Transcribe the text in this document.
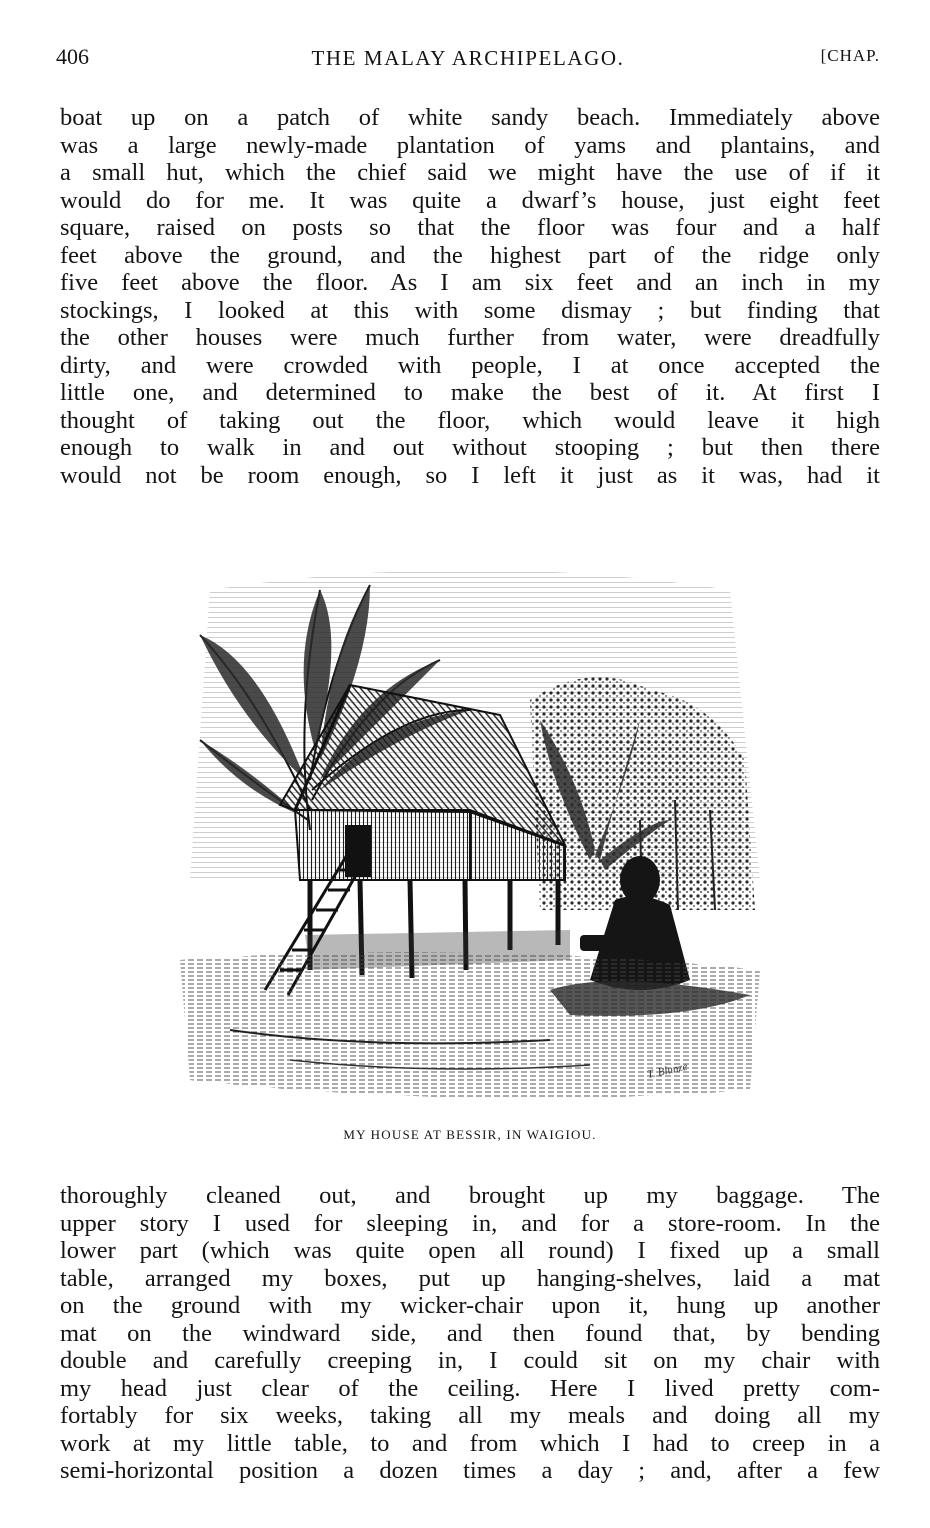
406	THE MALAY ARCHIPELAGO.	[CHAP.
boat up on a patch of white sandy beach. Immediately above
was a large newly-made plantation of yams and plantains, and
a small hut, which the chief said we might have the use of if it
would do for me. It was quite a dwarf’s house, just eight feet
square, raised on posts so that the floor was four and a half
feet above the ground, and the highest part of the ridge only
five feet above the floor. As I am six feet and an inch in my
stockings, I looked at this with some dismay ; but finding that
the other houses were much further from water, were dreadfully
dirty, and were crowded with people, I at once accepted the
little one, and determined to make the best of it. At first I
thought of taking out the floor, which would leave it high
enough to walk in and out without stooping ; but then there
would not be room enough, so I left it just as it was, had it
T. Blunze
MY HOUSE AT BESSIR, IN WAIGIOU.
thoroughly cleaned out, and brought up my baggage. The
upper story I used for sleeping in, and for a store-room. In the
lower part (which was quite open all round) I fixed up a small
table, arranged my boxes, put up hanging-shelves, laid a mat
on the ground with my wicker-chair upon it, hung up another
mat on the windward side, and then found that, by bending
double and carefully creeping in, I could sit on my chair with
my head just clear of the ceiling. Here I lived pretty com-
fortably for six weeks, taking all my meals and doing all my
work at my little table, to and from which I had to creep in a
semi-horizontal position a dozen times a day ; and, after a few
